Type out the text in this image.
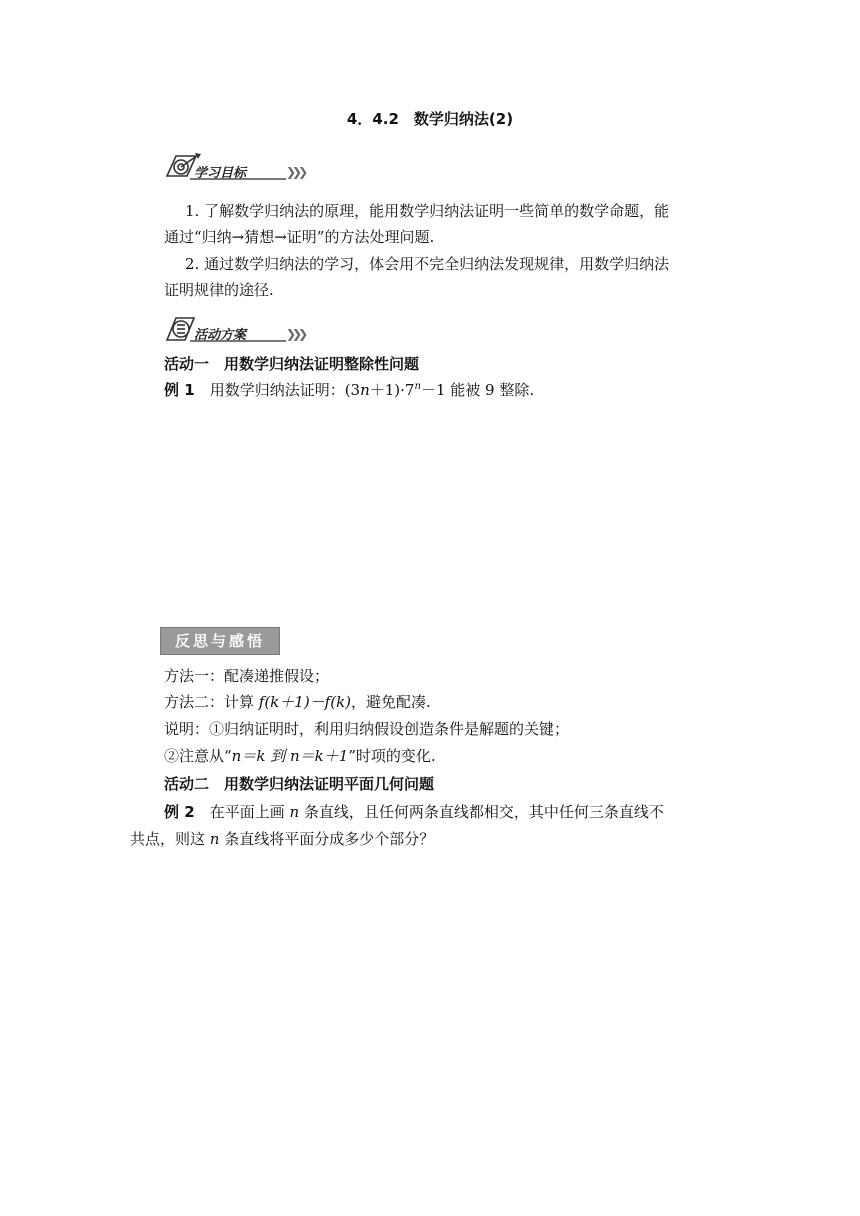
4．4.2　数学归纳法(2)
学习目标	❯❯❯
1. 了解数学归纳法的原理，能用数学归纳法证明一些简单的数学命题，能
通过“归纳→猜想→证明”的方法处理问题.
2. 通过数学归纳法的学习，体会用不完全归纳法发现规律，用数学归纳法
证明规律的途径.
活动方案	❯❯❯
活动一　用数学归纳法证明整除性问题
例 1　 用数学归纳法证明：$(3n+1)\cdot 7^n-1$ 能被 9 整除.
反思与感悟
方法一：配凑递推假设；
方法二：计算 f(k＋1)－f(k)，避免配凑.
说明：①归纳证明时，利用归纳假设创造条件是解题的关键；
②注意从“n＝k 到 n＝k＋1”时项的变化.
活动二　用数学归纳法证明平面几何问题
例 2　 在平面上画 n 条直线，且任何两条直线都相交，其中任何三条直线不
共点，则这 n 条直线将平面分成多少个部分？
